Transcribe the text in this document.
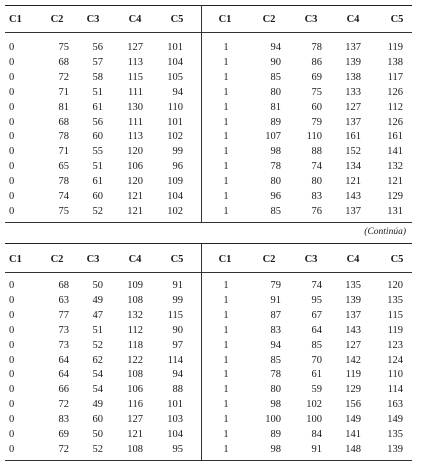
C1	C2	C3	C4	C5	C1	C2	C3	C4	C5
0	75	56	127	101	1	94	78	137	119
0	68	57	113	104	1	90	86	139	138
0	72	58	115	105	1	85	69	138	117
0	71	51	111	94	1	80	75	133	126
0	81	61	130	110	1	81	60	127	112
0	68	56	111	101	1	89	79	137	126
0	78	60	113	102	1	107	110	161	161
0	71	55	120	99	1	98	88	152	141
0	65	51	106	96	1	78	74	134	132
0	78	61	120	109	1	80	80	121	121
0	74	60	121	104	1	96	83	143	129
0	75	52	121	102	1	85	76	137	131
(Continúa)
C1	C2	C3	C4	C5	C1	C2	C3	C4	C5
0	68	50	109	91	1	79	74	135	120
0	63	49	108	99	1	91	95	139	135
0	77	47	132	115	1	87	67	137	115
0	73	51	112	90	1	83	64	143	119
0	73	52	118	97	1	94	85	127	123
0	64	62	122	114	1	85	70	142	124
0	64	54	108	94	1	78	61	119	110
0	66	54	106	88	1	80	59	129	114
0	72	49	116	101	1	98	102	156	163
0	83	60	127	103	1	100	100	149	149
0	69	50	121	104	1	89	84	141	135
0	72	52	108	95	1	98	91	148	139
